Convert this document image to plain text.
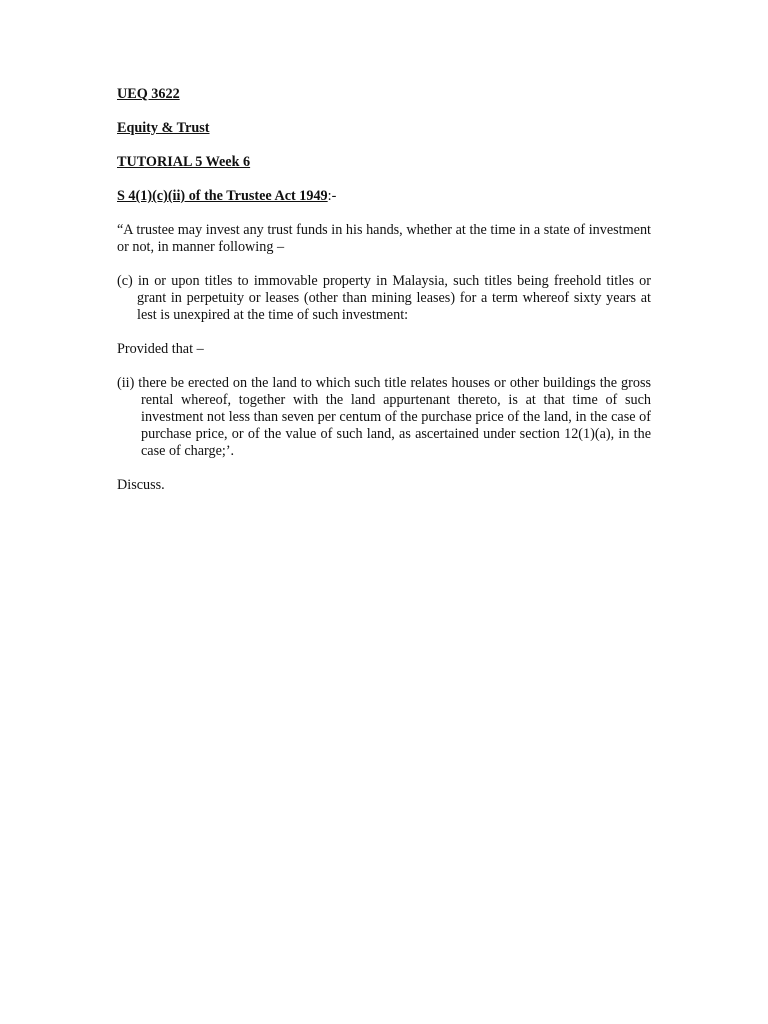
UEQ 3622

Equity & Trust

TUTORIAL 5 Week 6

S 4(1)(c)(ii) of the Trustee Act 1949:-

“A trustee may invest any trust funds in his hands, whether at the time in a state of investment or not, in manner following –

(c) in or upon titles to immovable property in Malaysia, such titles being freehold titles or grant in perpetuity or leases (other than mining leases) for a term whereof sixty years at lest is unexpired at the time of such investment:

Provided that –

(ii) there be erected on the land to which such title relates houses or other buildings the gross rental whereof, together with the land appurtenant thereto, is at that time of such investment not less than seven per centum of the purchase price of the land, in the case of purchase price, or of the value of such land, as ascertained under section 12(1)(a), in the case of charge;’.

Discuss.
